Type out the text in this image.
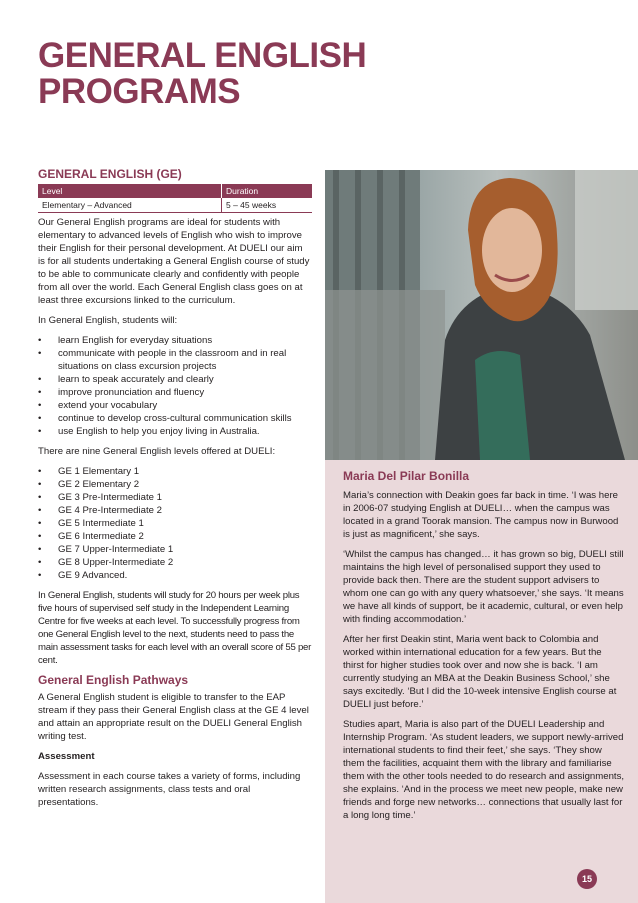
GENERAL ENGLISH
PROGRAMS
GENERAL ENGLISH (GE)
Level	Duration
Elementary – Advanced	5 – 45 weeks

Our General English programs are ideal for students with elementary to advanced levels of English who wish to improve their English for their personal development. At DUELI our aim is for all students undertaking a General English course of study to be able to communicate clearly and confidently with people from all over the world. Each General English class goes on at least three excursions linked to the curriculum.

In General English, students will:

• learn English for everyday situations
• communicate with people in the classroom and in real situations on class excursion projects
• learn to speak accurately and clearly
• improve pronunciation and fluency
• extend your vocabulary
• continue to develop cross-cultural communication skills
• use English to help you enjoy living in Australia.

There are nine General English levels offered at DUELI:

• GE 1 Elementary 1
• GE 2 Elementary 2
• GE 3 Pre-Intermediate 1
• GE 4 Pre-Intermediate 2
• GE 5 Intermediate 1
• GE 6 Intermediate 2
• GE 7 Upper-Intermediate 1
• GE 8 Upper-Intermediate 2
• GE 9 Advanced.

In General English, students will study for 20 hours per week plus five hours of supervised self study in the Independent Learning Centre for five weeks at each level. To successfully progress from one General English level to the next, students need to pass the main assessment tasks for each level with an overall score of 55 per cent.

General English Pathways

A General English student is eligible to transfer to the EAP stream if they pass their General English class at the GE 4 level and attain an appropriate result on the DUELI General English writing test.

Assessment

Assessment in each course takes a variety of forms, including written research assignments, class tests and oral presentations.

Maria Del Pilar Bonilla

Maria’s connection with Deakin goes far back in time. ‘I was here in 2006-07 studying English at DUELI… when the campus was located in a grand Toorak mansion. The campus now in Burwood is just as magnificent,’ she says.

‘Whilst the campus has changed… it has grown so big, DUELI still maintains the high level of personalised support they used to provide back then. There are the student support advisers to whom one can go with any query whatsoever,’ she says. ‘It means we have all kinds of support, be it academic, cultural, or even help with finding accommodation.’

After her first Deakin stint, Maria went back to Colombia and worked within international education for a few years. But the thirst for higher studies took over and now she is back. ‘I am currently studying an MBA at the Deakin Business School,’ she says excitedly. ‘But I did the 10-week intensive English course at DUELI just before.’

Studies apart, Maria is also part of the DUELI Leadership and Internship Program. ‘As student leaders, we support newly-arrived international students to find their feet,’ she says. ‘They show them the facilities, acquaint them with the library and familiarise them with the other tools needed to do research and assignments, she explains. ‘And in the process we meet new people, make new friends and forge new networks… connections that usually last for a long long time.’

15
